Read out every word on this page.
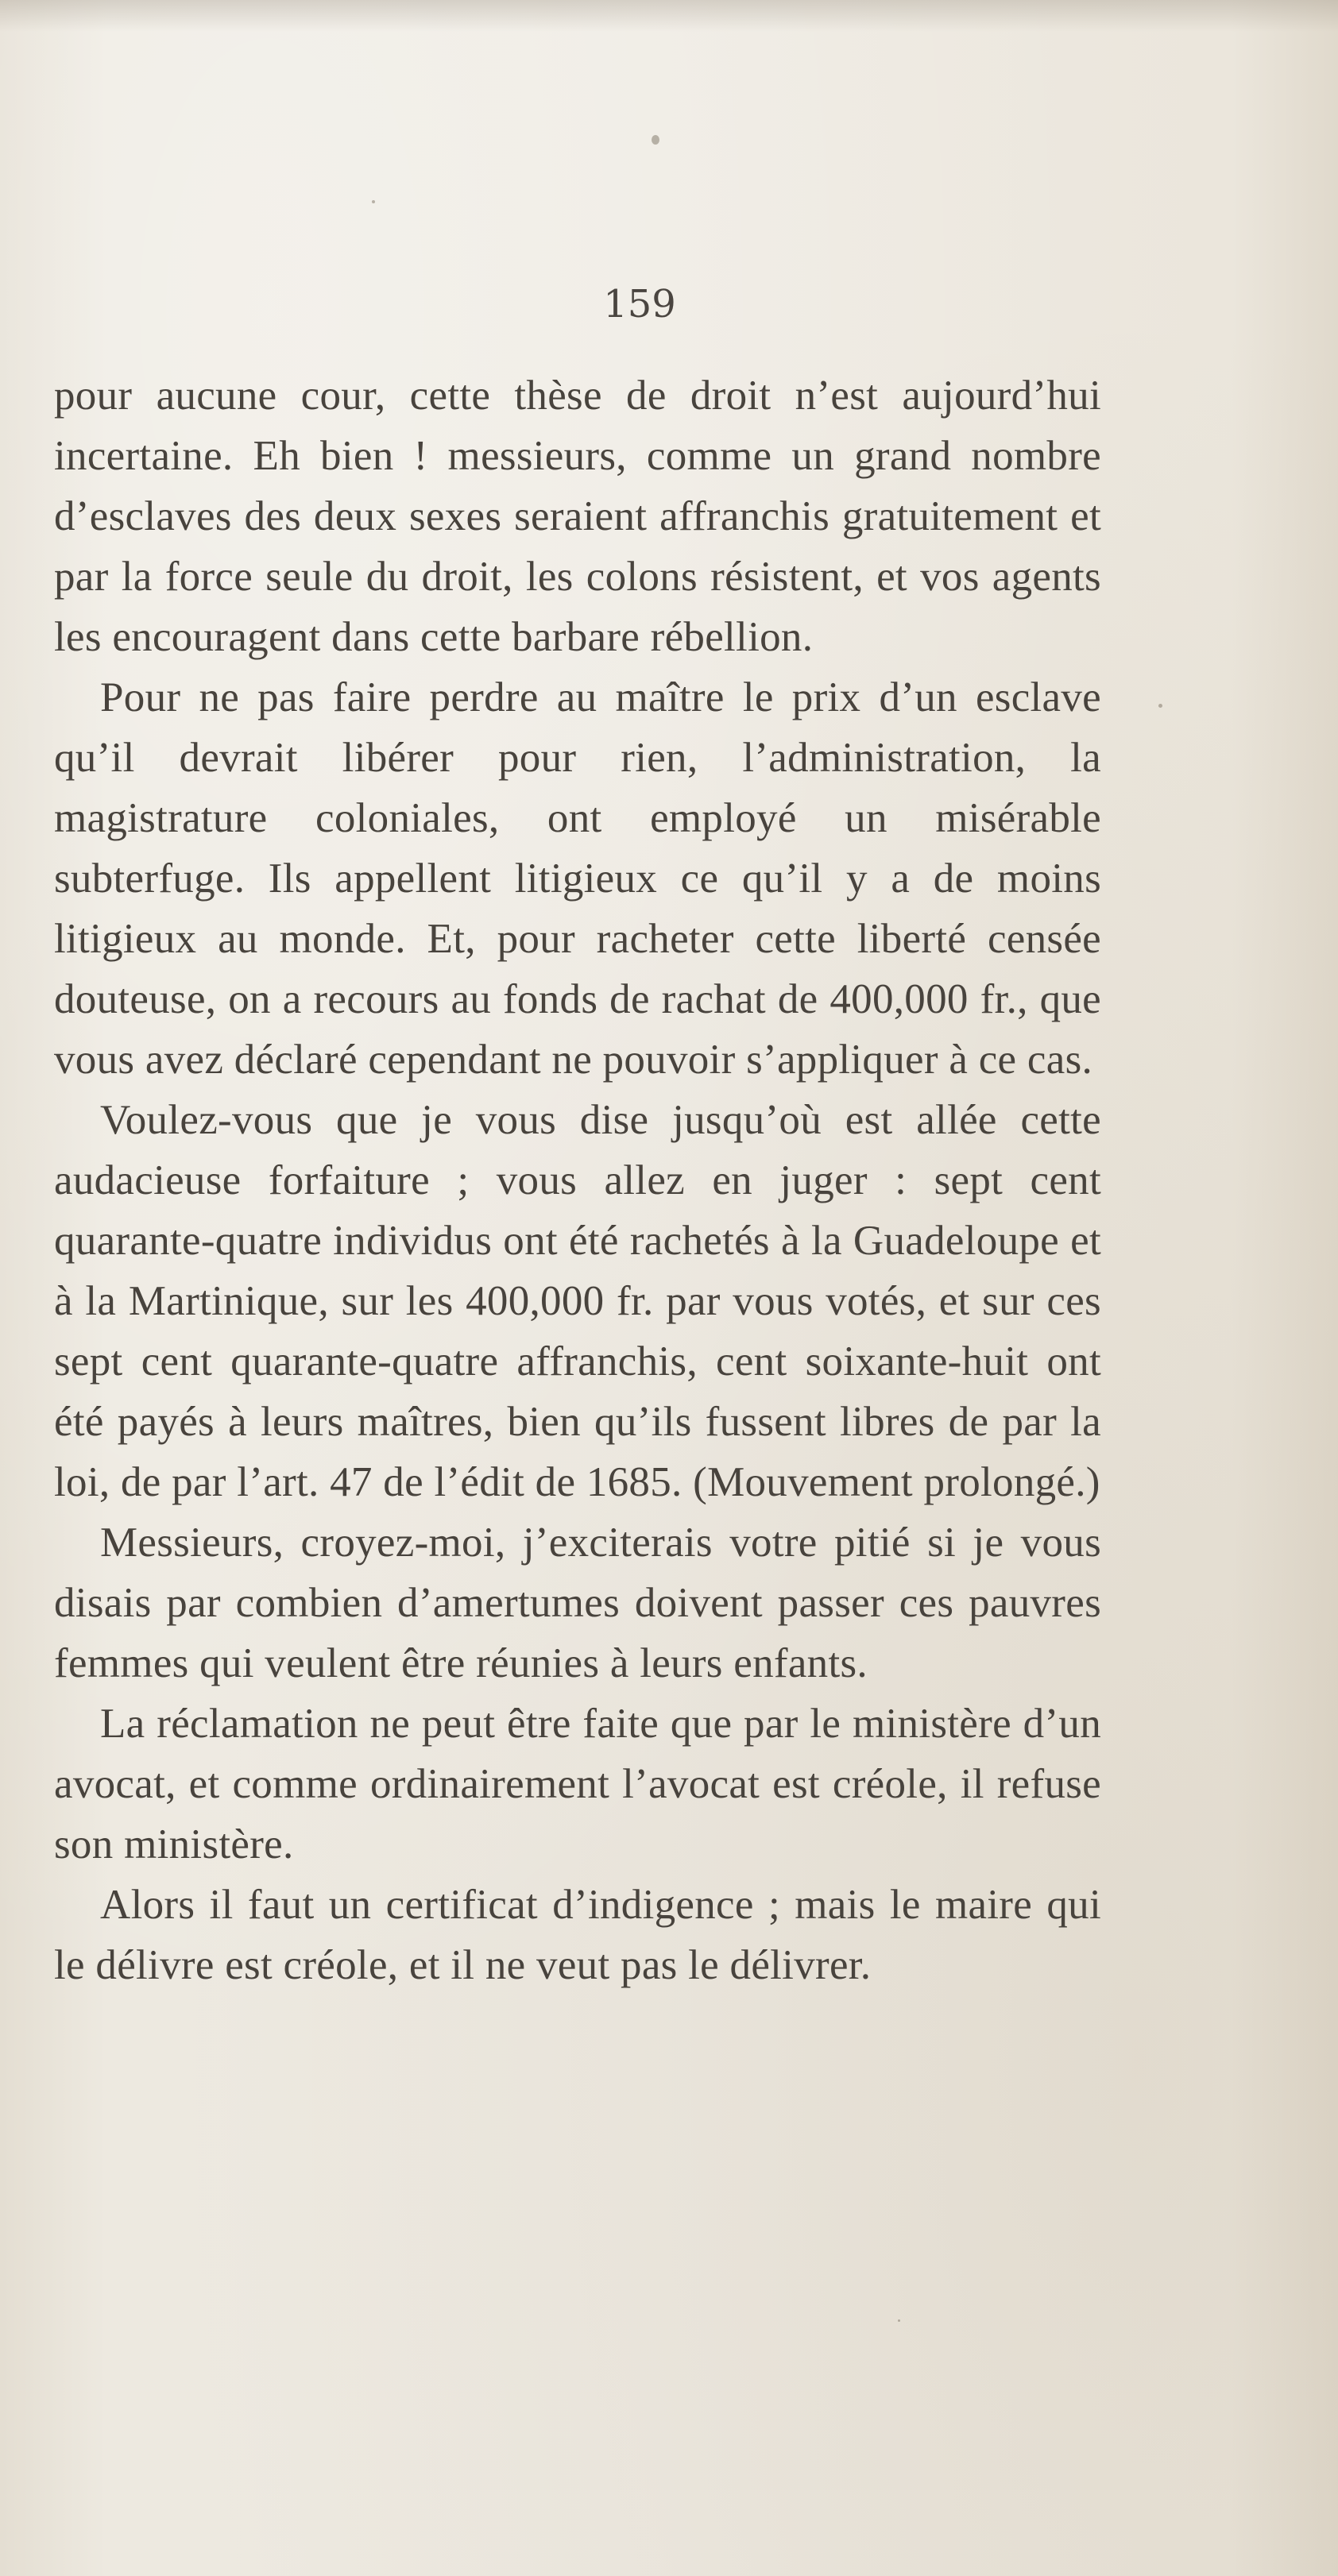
159

pour aucune cour, cette thèse de droit n’est aujourd’hui incertaine. Eh bien ! messieurs, comme un grand nombre d’esclaves des deux sexes seraient affranchis gratuitement et par la force seule du droit, les colons résistent, et vos agents les encouragent dans cette barbare rébellion.

Pour ne pas faire perdre au maître le prix d’un esclave qu’il devrait libérer pour rien, l’administration, la magistrature coloniales, ont employé un misérable subterfuge. Ils appellent litigieux ce qu’il y a de moins litigieux au monde. Et, pour racheter cette liberté censée douteuse, on a recours au fonds de rachat de 400,000 fr., que vous avez déclaré cependant ne pouvoir s’appliquer à ce cas.

Voulez-vous que je vous dise jusqu’où est allée cette audacieuse forfaiture ; vous allez en juger : sept cent quarante-quatre individus ont été rachetés à la Guadeloupe et à la Martinique, sur les 400,000 fr. par vous votés, et sur ces sept cent quarante-quatre affranchis, cent soixante-huit ont été payés à leurs maîtres, bien qu’ils fussent libres de par la loi, de par l’art. 47 de l’édit de 1685. (Mouvement prolongé.)

Messieurs, croyez-moi, j’exciterais votre pitié si je vous disais par combien d’amertumes doivent passer ces pauvres femmes qui veulent être réunies à leurs enfants.

La réclamation ne peut être faite que par le ministère d’un avocat, et comme ordinairement l’avocat est créole, il refuse son ministère.

Alors il faut un certificat d’indigence ; mais le maire qui le délivre est créole, et il ne veut pas le délivrer.
